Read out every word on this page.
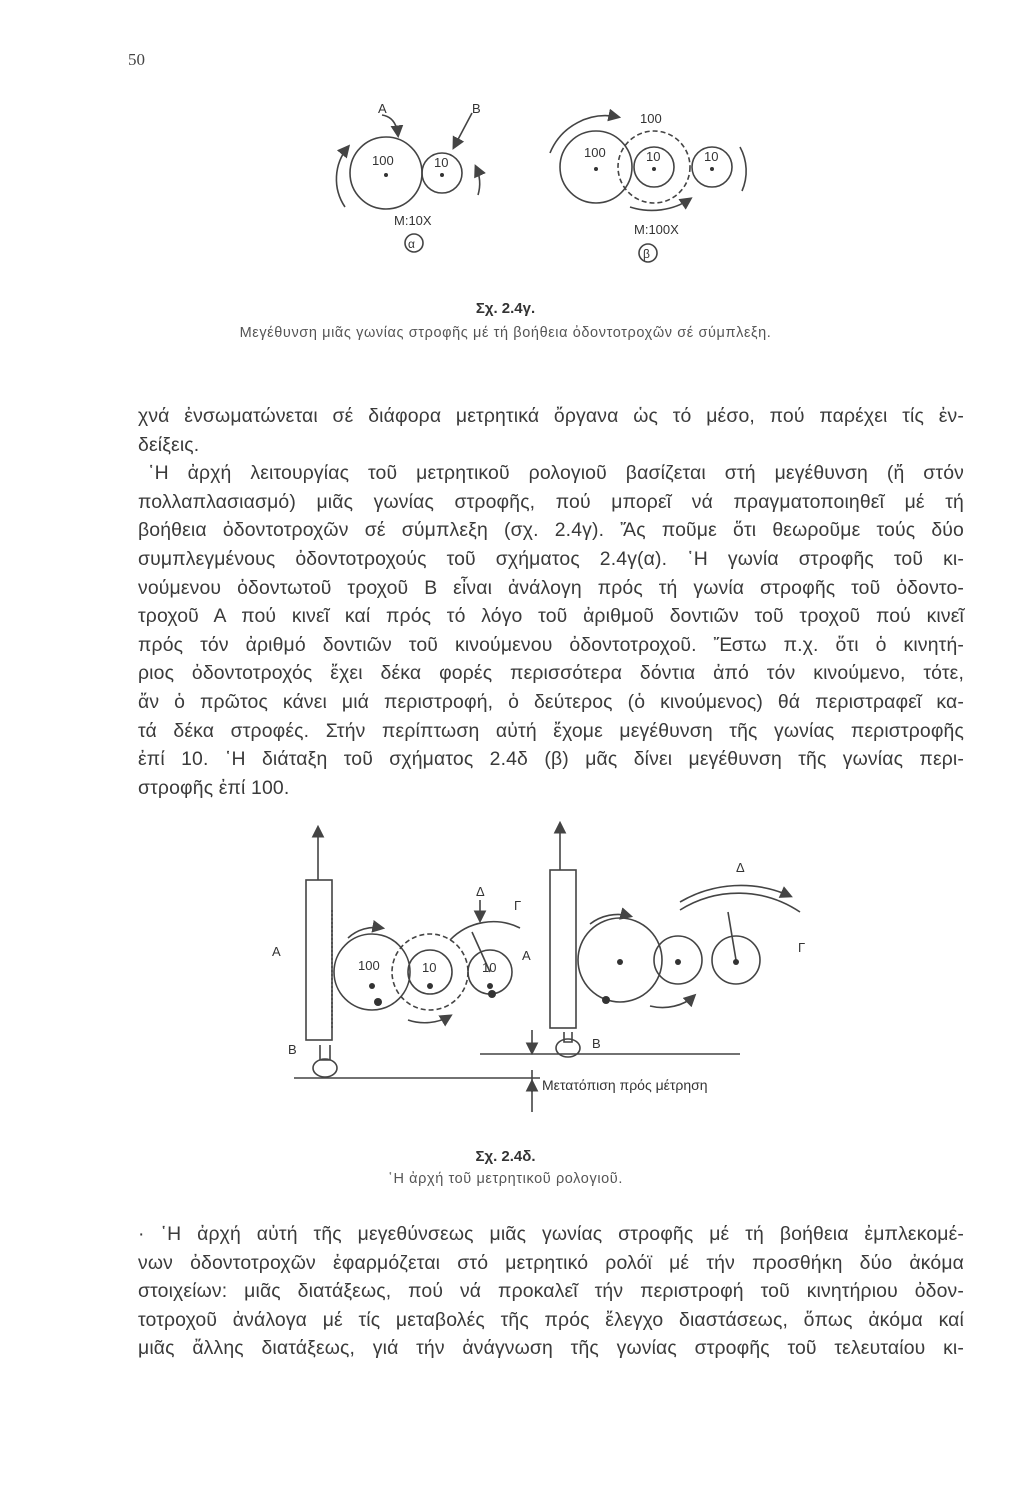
50
A	B
100	10
M:10X
α
100
100	10	10
M:100X
β
Σχ. 2.4γ.
Μεγέθυνση μιᾶς γωνίας στροφῆς μέ τή βοήθεια ὀδοντοτροχῶν σέ σύμπλεξη.
χνά ἐνσωματώνεται σέ διάφορα μετρητικά ὄργανα ὡς τό μέσο, πού παρέχει τίς ἐν-
δείξεις.
῾Η ἀρχή λειτουργίας τοῦ μετρητικοῦ ρολογιοῦ βασίζεται στή μεγέθυνση (ἤ στόν
πολλαπλασιασμό) μιᾶς γωνίας στροφῆς, πού μπορεῖ νά πραγματοποιηθεῖ μέ τή
βοήθεια ὀδοντοτροχῶν σέ σύμπλεξη (σχ. 2.4γ). Ἄς ποῦμε ὅτι θεωροῦμε τούς δύο
συμπλεγμένους ὀδοντοτροχούς τοῦ σχήματος 2.4γ(α). ῾Η γωνία στροφῆς τοῦ κι-
νούμενου ὀδοντωτοῦ τροχοῦ Β εἶναι ἀνάλογη πρός τή γωνία στροφῆς τοῦ ὀδοντο-
τροχοῦ Α πού κινεῖ καί πρός τό λόγο τοῦ ἀριθμοῦ δοντιῶν τοῦ τροχοῦ πού κινεῖ
πρός τόν ἀριθμό δοντιῶν τοῦ κινούμενου ὀδοντοτροχοῦ. Ἔστω π.χ. ὅτι ὁ κινητή-
ριος ὀδοντοτροχός ἔχει δέκα φορές περισσότερα δόντια ἀπό τόν κινούμενο, τότε,
ἄν ὁ πρῶτος κάνει μιά περιστροφή, ὁ δεύτερος (ὁ κινούμενος) θά περιστραφεῖ κα-
τά δέκα στροφές. Στήν περίπτωση αὐτή ἔχομε μεγέθυνση τῆς γωνίας περιστροφῆς
ἐπί 10. ῾Η διάταξη τοῦ σχήματος 2.4δ (β) μᾶς δίνει μεγέθυνση τῆς γωνίας περι-
στροφῆς ἐπί 100.
A
B
100	10	10
Δ
Γ
A
B
Δ
Γ
Μετατόπιση πρός μέτρηση
Σχ. 2.4δ.
῾Η ἀρχή τοῦ μετρητικοῦ ρολογιοῦ.
· ῾Η ἀρχή αὐτή τῆς μεγεθύνσεως μιᾶς γωνίας στροφῆς μέ τή βοήθεια ἐμπλεκομέ-
νων ὀδοντοτροχῶν ἐφαρμόζεται στό μετρητικό ρολόϊ μέ τήν προσθήκη δύο ἀκόμα
στοιχείων: μιᾶς διατάξεως, πού νά προκαλεῖ τήν περιστροφή τοῦ κινητήριου ὀδον-
τοτροχοῦ ἀνάλογα μέ τίς μεταβολές τῆς πρός ἔλεγχο διαστάσεως, ὅπως ἀκόμα καί
μιᾶς ἄλλης διατάξεως, γιά τήν ἀνάγνωση τῆς γωνίας στροφῆς τοῦ τελευταίου κι-
